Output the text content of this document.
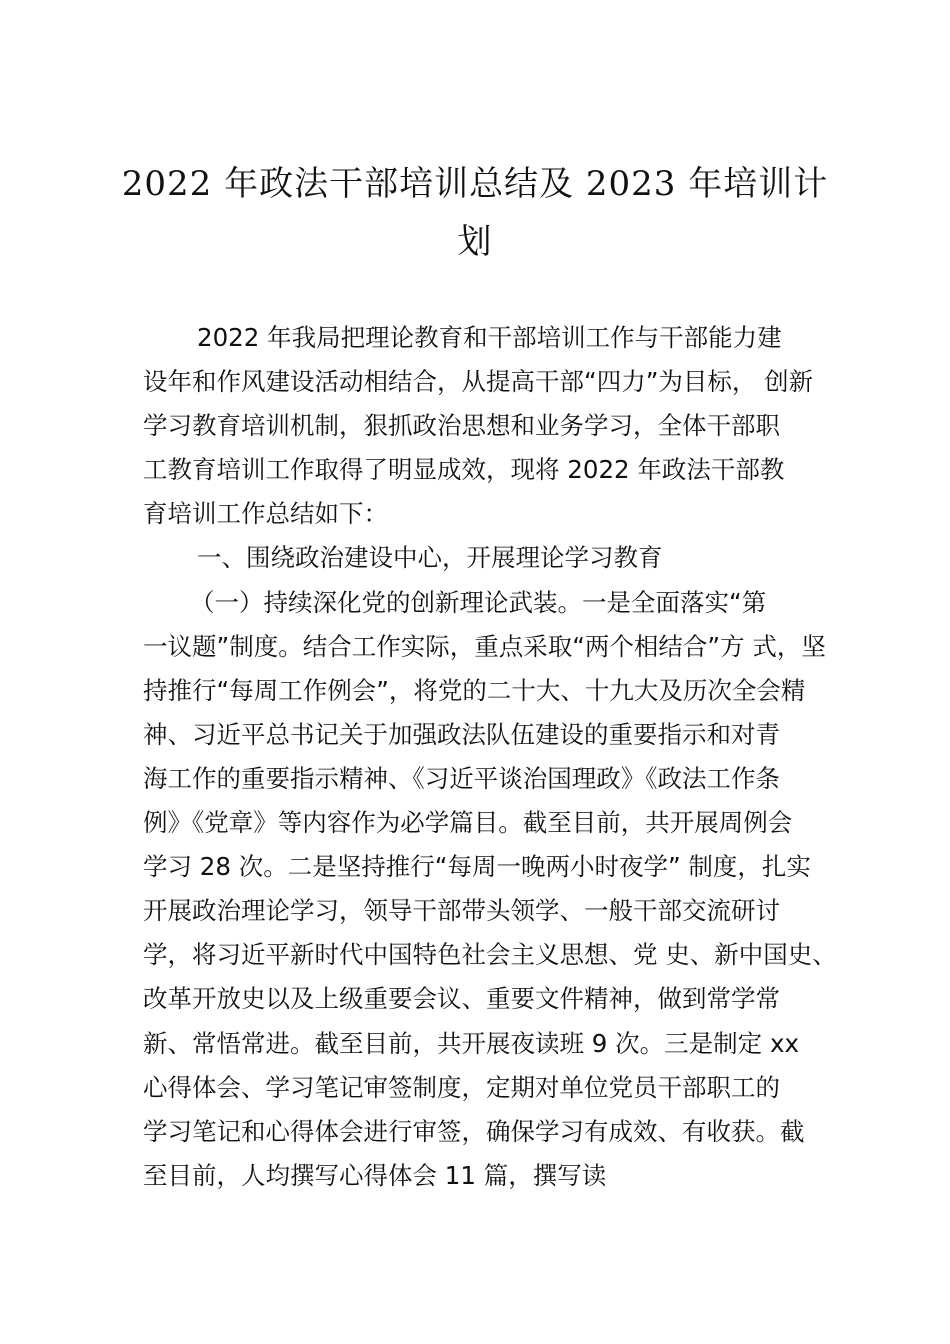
2022 年政法干部培训总结及 2023 年培训计
划
2022 年我局把理论教育和干部培训工作与干部能力建
设年和作风建设活动相结合，从提高干部“四力”为目标， 创新
学习教育培训机制，狠抓政治思想和业务学习，全体干部职
工教育培训工作取得了明显成效，现将 2022 年政法干部教
育培训工作总结如下：
一、围绕政治建设中心，开展理论学习教育
（一）持续深化党的创新理论武装。一是全面落实“第
一议题”制度。结合工作实际，重点采取“两个相结合”方 式，坚
持推行“每周工作例会”，将党的二十大、十九大及历次全会精
神、习近平总书记关于加强政法队伍建设的重要指示和对青
海工作的重要指示精神、《习近平谈治国理政》《政法工作条
例》《党章》等内容作为必学篇目。截至目前，共开展周例会
学习 28 次。二是坚持推行“每周一晚两小时夜学” 制度，扎实
开展政治理论学习，领导干部带头领学、一般干部交流研讨
学，将习近平新时代中国特色社会主义思想、党 史、新中国史、
改革开放史以及上级重要会议、重要文件精神，做到常学常
新、常悟常进。截至目前，共开展夜读班 9 次。三是制定 xx
心得体会、学习笔记审签制度，定期对单位党员干部职工的
学习笔记和心得体会进行审签，确保学习有成效、有收获。截
至目前，人均撰写心得体会 11 篇，撰写读
